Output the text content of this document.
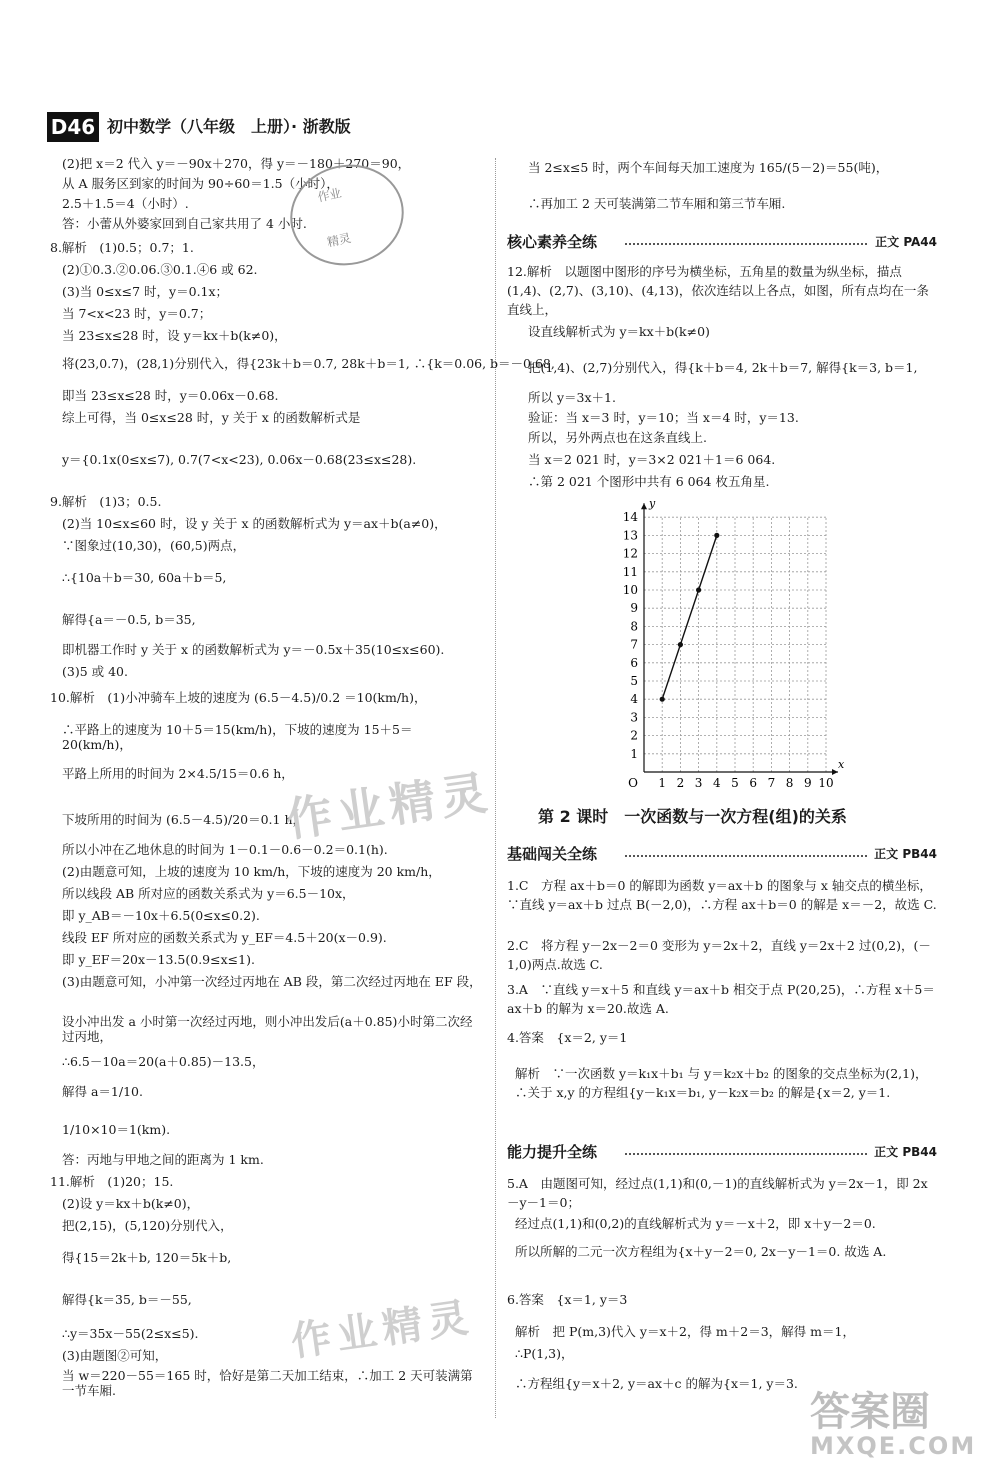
D46 初中数学（八年级　上册）· 浙教版
(2)把 x＝2 代入 y＝－90x＋270，得 y＝－180＋270＝90，
从 A 服务区到家的时间为 90÷60＝1.5（小时），
2.5＋1.5＝4（小时）.
答：小蕾从外婆家回到自己家共用了 4 小时.
8.解析　(1)0.5；0.7；1.
(2)①0.3.②0.06.③0.1.④6 或 62.
(3)当 0≤x≤7 时，y＝0.1x；
当 7<x<23 时，y＝0.7；
当 23≤x≤28 时，设 y＝kx＋b(k≠0)，
将(23,0.7)，(28,1)分别代入，得{23k＋b＝0.7, 28k＋b＝1, ∴{k＝0.06, b＝－0.68,
即当 23≤x≤28 时，y＝0.06x－0.68.
综上可得，当 0≤x≤28 时，y 关于 x 的函数解析式是
y＝{0.1x(0≤x≤7), 0.7(7<x<23), 0.06x－0.68(23≤x≤28).
9.解析　(1)3；0.5.
(2)当 10≤x≤60 时，设 y 关于 x 的函数解析式为 y＝ax＋b(a≠0)，
∵图象过(10,30)，(60,5)两点，
∴{10a＋b＝30, 60a＋b＝5,
解得{a＝－0.5, b＝35,
即机器工作时 y 关于 x 的函数解析式为 y＝－0.5x＋35(10≤x≤60).
(3)5 或 40.
10.解析　(1)小冲骑车上坡的速度为 (6.5－4.5)/0.2 ＝10(km/h)，
∴平路上的速度为 10＋5＝15(km/h)，下坡的速度为 15＋5＝20(km/h)，
平路上所用的时间为 2×4.5/15＝0.6 h，
下坡所用的时间为 (6.5－4.5)/20＝0.1 h，
所以小冲在乙地休息的时间为 1－0.1－0.6－0.2＝0.1(h).
(2)由题意可知，上坡的速度为 10 km/h，下坡的速度为 20 km/h，
所以线段 AB 所对应的函数关系式为 y＝6.5－10x，
即 y_AB＝－10x＋6.5(0≤x≤0.2).
线段 EF 所对应的函数关系式为 y_EF＝4.5＋20(x－0.9).
即 y_EF＝20x－13.5(0.9≤x≤1).
(3)由题意可知，小冲第一次经过丙地在 AB 段，第二次经过丙地在 EF 段，
设小冲出发 a 小时第一次经过丙地，则小冲出发后(a＋0.85)小时第二次经过丙地，
∴6.5－10a＝20(a＋0.85)－13.5，
解得 a＝1/10.
1/10×10＝1(km).
答：丙地与甲地之间的距离为 1 km.
11.解析　(1)20；15.
(2)设 y＝kx＋b(k≠0)，
把(2,15)，(5,120)分别代入，
得{15＝2k＋b, 120＝5k＋b,
解得{k＝35, b＝－55,
∴y＝35x－55(2≤x≤5).
(3)由题图②可知，
当 w＝220－55＝165 时，恰好是第二天加工结束，∴加工 2 天可装满第一节车厢.
当 2≤x≤5 时，两个车间每天加工速度为 165/(5－2)＝55(吨)，
∴再加工 2 天可装满第二节车厢和第三节车厢.
核心素养全练	正文 PA44
12.解析　以题图中图形的序号为横坐标，五角星的数量为纵坐标，描点(1,4)、(2,7)、(3,10)、(4,13)，依次连结以上各点，如图，所有点均在一条直线上，
设直线解析式为 y＝kx＋b(k≠0)
把(1,4)、(2,7)分别代入，得{k＋b＝4, 2k＋b＝7, 解得{k＝3, b＝1,
所以 y＝3x＋1.
验证：当 x＝3 时，y＝10；当 x＝4 时，y＝13.
所以，另外两点也在这条直线上.
当 x＝2 021 时，y＝3×2 021＋1＝6 064.
∴第 2 021 个图形中共有 6 064 枚五角星.
1 2 3 4 5 6 7 8 9 10
1
2
3
4
5
6
7
8
9
10
11
12
13
14
O
x
y
第 2 课时　一次函数与一次方程(组)的关系
基础闯关全练	正文 PB44
1.C　方程 ax＋b＝0 的解即为函数 y＝ax＋b 的图象与 x 轴交点的横坐标，∵直线 y＝ax＋b 过点 B(－2,0)，∴方程 ax＋b＝0 的解是 x＝－2，故选 C.
2.C　将方程 y－2x－2＝0 变形为 y＝2x＋2，直线 y＝2x＋2 过(0,2)，(－1,0)两点.故选 C.
3.A　∵直线 y＝x＋5 和直线 y＝ax＋b 相交于点 P(20,25)，∴方程 x＋5＝ax＋b 的解为 x＝20.故选 A.
4.答案　{x＝2, y＝1
解析　∵一次函数 y＝k₁x＋b₁ 与 y＝k₂x＋b₂ 的图象的交点坐标为(2,1)，∴关于 x,y 的方程组{y－k₁x＝b₁, y－k₂x＝b₂ 的解是{x＝2, y＝1.
能力提升全练	正文 PB44
5.A　由题图可知，经过点(1,1)和(0,－1)的直线解析式为 y＝2x－1，即 2x－y－1＝0；
经过点(1,1)和(0,2)的直线解析式为 y＝－x＋2，即 x＋y－2＝0.
所以所解的二元一次方程组为{x＋y－2＝0, 2x－y－1＝0. 故选 A.
6.答案　{x＝1, y＝3
解析　把 P(m,3)代入 y＝x＋2，得 m＋2＝3，解得 m＝1，
∴P(1,3)，
∴方程组{y＝x＋2, y＝ax＋c 的解为{x＝1, y＝3.
作业
精灵
作业精灵
作业精灵
答案圈
MXQE.COM
